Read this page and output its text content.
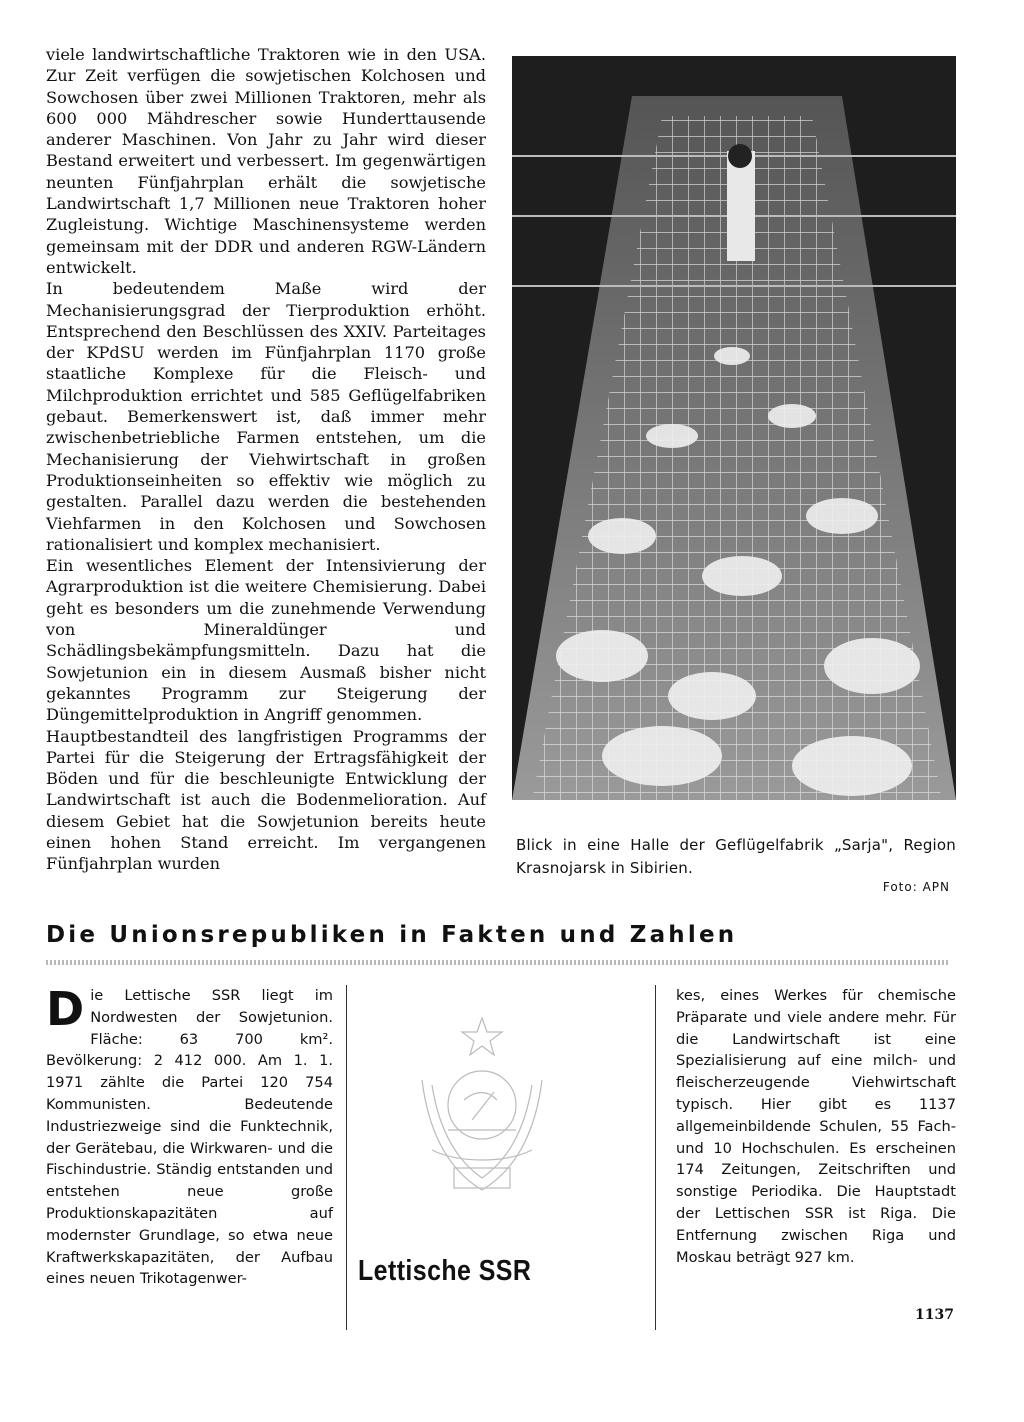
viele landwirtschaftliche Traktoren wie in den USA. Zur Zeit verfügen die sowjetischen Kolchosen und Sowchosen über zwei Millionen Traktoren, mehr als 600 000 Mähdrescher sowie Hunderttausende anderer Maschinen. Von Jahr zu Jahr wird dieser Bestand erweitert und verbessert. Im gegenwärtigen neunten Fünfjahrplan erhält die sowjetische Landwirtschaft 1,7 Millionen neue Traktoren hoher Zugleistung. Wichtige Maschinensysteme werden gemeinsam mit der DDR und anderen RGW-Ländern entwickelt.

In bedeutendem Maße wird der Mechanisierungsgrad der Tierproduktion erhöht. Entsprechend den Beschlüssen des XXIV. Parteitages der KPdSU werden im Fünfjahrplan 1170 große staatliche Komplexe für die Fleisch- und Milchproduktion errichtet und 585 Geflügelfabriken gebaut. Bemerkenswert ist, daß immer mehr zwischenbetriebliche Farmen entstehen, um die Mechanisierung der Viehwirtschaft in großen Produktionseinheiten so effektiv wie möglich zu gestalten. Parallel dazu werden die bestehenden Viehfarmen in den Kolchosen und Sowchosen rationalisiert und komplex mechanisiert.

Ein wesentliches Element der Intensivierung der Agrarproduktion ist die weitere Chemisierung. Dabei geht es besonders um die zunehmende Verwendung von Mineraldünger und Schädlingsbekämpfungsmitteln. Dazu hat die Sowjetunion ein in diesem Ausmaß bisher nicht gekanntes Programm zur Steigerung der Düngemittelproduktion in Angriff genommen.

Hauptbestandteil des langfristigen Programms der Partei für die Steigerung der Ertragsfähigkeit der Böden und für die beschleunigte Entwicklung der Landwirtschaft ist auch die Bodenmelioration. Auf diesem Gebiet hat die Sowjetunion bereits heute einen hohen Stand erreicht. Im vergangenen Fünfjahrplan wurden

Blick in eine Halle der Geflügelfabrik „Sarja", Region Krasnojarsk in Sibirien.
Foto: APN
Die Unionsrepubliken in Fakten und Zahlen
D ie Lettische SSR liegt im Nordwesten der Sowjetunion. Fläche: 63 700 km². Bevölkerung: 2 412 000. Am 1. 1. 1971 zählte die Partei 120 754 Kommunisten. Bedeutende Industriezweige sind die Funktechnik, der Gerätebau, die Wirkwaren- und die Fischindustrie. Ständig entstanden und entstehen neue große Produktionskapazitäten auf modernster Grundlage, so etwa neue Kraftwerkskapazitäten, der Aufbau eines neuen Trikotagenwer-	Lettische SSR
kes, eines Werkes für chemische Präparate und viele andere mehr. Für die Landwirtschaft ist eine Spezialisierung auf eine milch- und fleischerzeugende Viehwirtschaft typisch. Hier gibt es 1137 allgemeinbildende Schulen, 55 Fach- und 10 Hochschulen. Es erscheinen 174 Zeitungen, Zeitschriften und sonstige Periodika. Die Hauptstadt der Lettischen SSR ist Riga. Die Entfernung zwischen Riga und Moskau beträgt 927 km.
1137
